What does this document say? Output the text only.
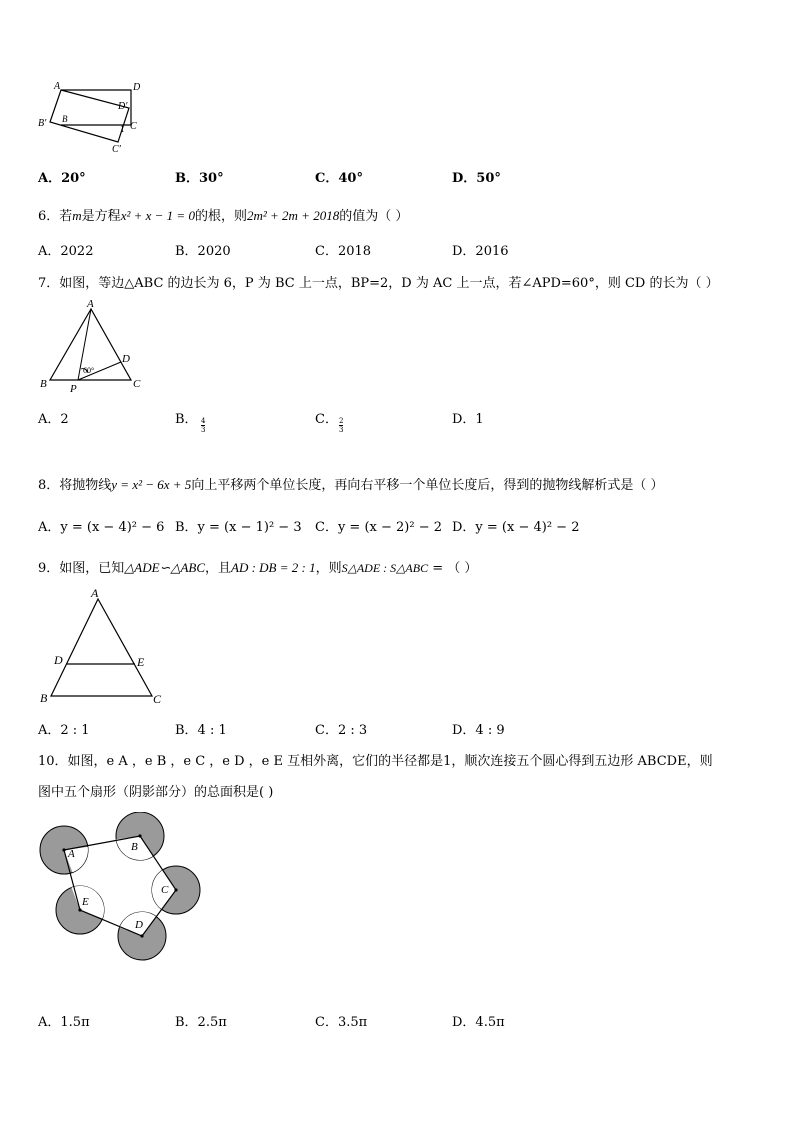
A	D
D′
B′ B
C
1
C′
A．20°	B．30°	C．40°	D．50°
6．若m是方程x² + x − 1 = 0的根，则2m² + 2m + 2018的值为（ ）
A．2022	B．2020	C．2018	D．2016
7．如图，等边△ABC 的边长为 6，P 为 BC 上一点，BP=2，D 为 AC 上一点，若∠APD=60°，则 CD 的长为（ ）
A
B	C
D
P
60°
A．2	B． $\frac{4}{3}$	C． $\frac{2}{3}$	D．1
8．将抛物线y = x² − 6x + 5向上平移两个单位长度，再向右平移一个单位长度后，得到的抛物线解析式是（ ）
A．y = (x − 4)² − 6 B．y = (x − 1)² − 3 C．y = (x − 2)² − 2 D．y = (x − 4)² − 2
9．如图，已知△ADE∽△ABC，且AD : DB = 2 : 1，则S△ADE : S△ABC = （ ）
A
D	E
B	C
A．2 : 1	B．4 : 1	C．2 : 3	D．4 : 9
10．如图，e A ，e B ，e C ，e D ，e E 互相外离，它们的半径都是1，顺次连接五个圆心得到五边形 ABCDE，则
图中五个扇形（阴影部分）的总面积是( )
A
B
C
D
E
A．1.5π	B．2.5π	C．3.5π	D．4.5π
